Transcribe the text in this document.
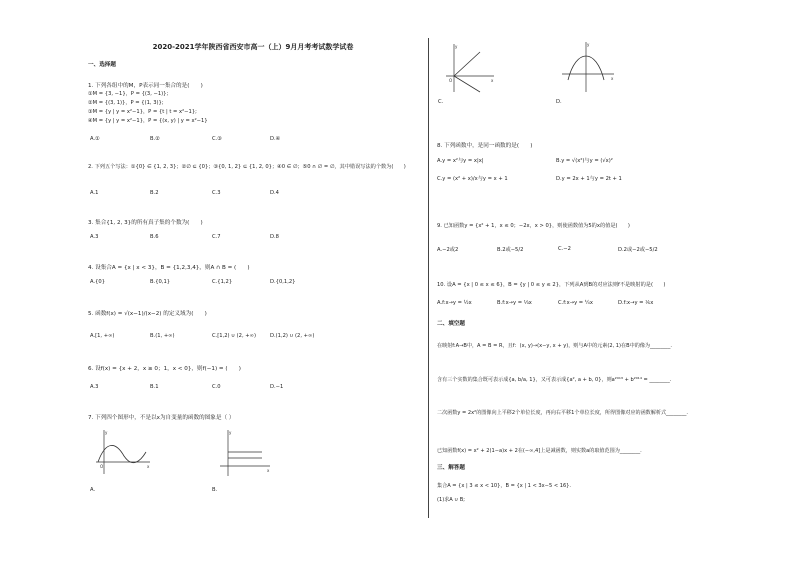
2020-2021学年陕西省西安市高一（上）9月月考考试数学试卷
一、选择题
1. 下列各组中的M，P表示同一集合的是(　　)
①M = {3, −1}，P = {(3, −1)};
②M = {(3, 1)}，P = {(1, 3)};
③M = {y | y = x²−1}，P = {t | t = x²−1};
④M = {y | y = x²−1}，P = {(x, y) | y = x²−1}
A.①	B.②	C.③	D.④
2. 下列五个写法：①{0} ∈ {1, 2, 3}；②∅ ⊆ {0}；③{0, 1, 2} ⊆ {1, 2, 0}；④0 ∈ ∅；⑤0 ∩ ∅ = ∅，其中错误写法的个数为(　　)
A.1	B.2	C.3	D.4
3. 集合{1, 2, 3}的所有真子集的个数为(　　)
A.3	B.6	C.7	D.8
4. 设集合A = {x | x < 3}，B = {1,2,3,4}，则A ∩ B = (　　)
A.{0}	B.{0,1}	C.{1,2}	D.{0,1,2}
5. 函数f(x) = √(x−1)/(x−2) 的定义域为(　　)
A.[1, +∞)	B.(1, +∞)	C.[1,2) ∪ (2, +∞)	D.(1,2) ∪ (2, +∞)
6. 设f(x) = {x + 2，x ≥ 0；1，x < 0}，则f(−1) = (　　)
A.3	B.1	C.0	D.−1
7. 下列四个图形中，不是以x为自变量的函数的图象是（ ）
y
x
O
A.
y
x
B.
y
x
O
C.
y
x
D.
8. 下列函数中，是同一函数的是(　　)
A.y = x²与y = x|x|	B.y = √(x²)与y = (√x)²
C.y = (x² + x)/x与y = x + 1	D.y = 2x + 1与y = 2t + 1
9. 已知函数y = {x² + 1，x ≤ 0；−2x，x > 0}，则使函数值为5的x的值是(　　)
A.−2或2	B.2或−5/2	C.−2	D.2或−2或−5/2
10. 设A = {x | 0 ≤ x ≤ 6}，B = {y | 0 ≤ y ≤ 2}，下列从A到B的对应法则f不是映射的是(　　)
A.f:x→y = ½x	B.f:x→y = ⅓x	C.f:x→y = ¼x	D.f:x→y = ⅙x
二、填空题
在映射f:A→B中，A = B = R，且f：(x, y)→(x−y, x + y)，则与A中的元素(2, 1)在B中的像为________.
含有三个实数的集合既可表示成{a, b/a, 1}，又可表示成{a², a + b, 0}，则a²⁰¹³ + b²⁰¹⁴ = ________.
二次函数y = 2x²的图像向上平移2个单位长度，再向右平移1个单位长度，所得图像对应的函数解析式________.
已知函数f(x) = x² + 2(1−a)x + 2在(−∞,4]上是减函数，则实数a的取值范围为________.
三、解答题
集合A = {x | 3 ≤ x < 10}，B = {x | 1 < 3x−5 < 16}.
(1)求A ∪ B;
